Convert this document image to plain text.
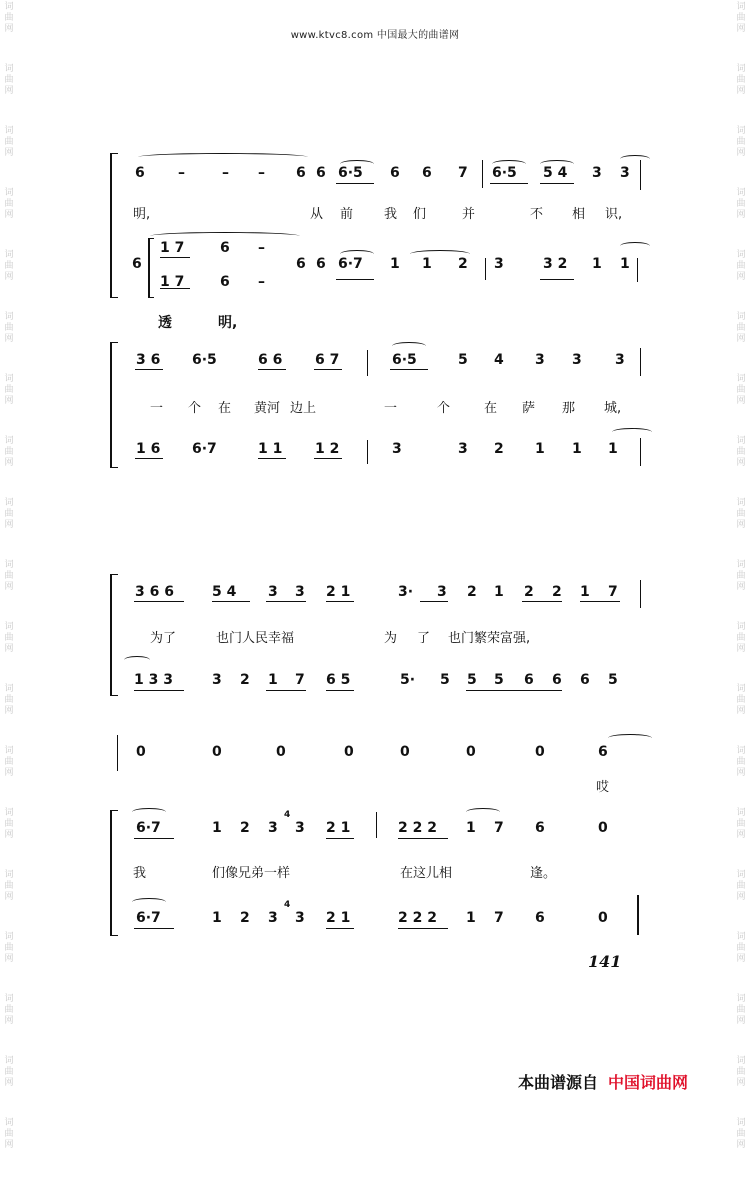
词
曲
网
词
曲
网
词
曲
网
词
曲
网
词
曲
网
词
曲
网
词
曲
网
词
曲
网
词
曲
网
词
曲
网
词
曲
网
词
曲
网
词
曲
网
词
曲
网
词
曲
网
词
曲
网
词
曲
网
词
曲
网
词
曲
网
词
曲
网
词
曲
网
词
曲
网
词
曲
网
词
曲
网
词
曲
网
词
曲
网
词
曲
网
词
曲
网
词
曲
网
词
曲
网
词
曲
网
词
曲
网
词
曲
网
词
曲
网
词
曲
网
词
曲
网
词
曲
网
词
曲
网
www.ktvc8.com 中国最大的曲谱网
6 –	– – 6 6 6·5 6 6 7 6·5 5 4 3 3
明,	从 前 我 们	并	不 相 识,
1 7	6 –
6	6 6 6·7 1 1 2 3	3 2 1 1
1 7	6 –
透	明,
3 6 6·5	6 6 6 7	6·5	5 4 3 3 3
一 个 在 黄河 边上	一	个	在 萨 那 城,
1 6 6·7	1 1 1 2	3	3 2 1 1 1
3 6 6	5 4 3 3 2 1	3· 3 2 1 2 2 1 7
为了	也门人民幸福	为 了 也门繁荣富强,
1 3 3	3 2 1 7 6 5	5· 5 5 5 6 6 6 5
0	0	0	0	0	0	0	6
哎
6·7	1 2 3
4
3 2 1	2 2 2 1 7 6	0
我	们像兄弟一样	在这儿相	逢。
6·7	1 2 3
4
3 2 1	2 2 2 1 7 6	0
141
本曲谱源自 中国词曲网
